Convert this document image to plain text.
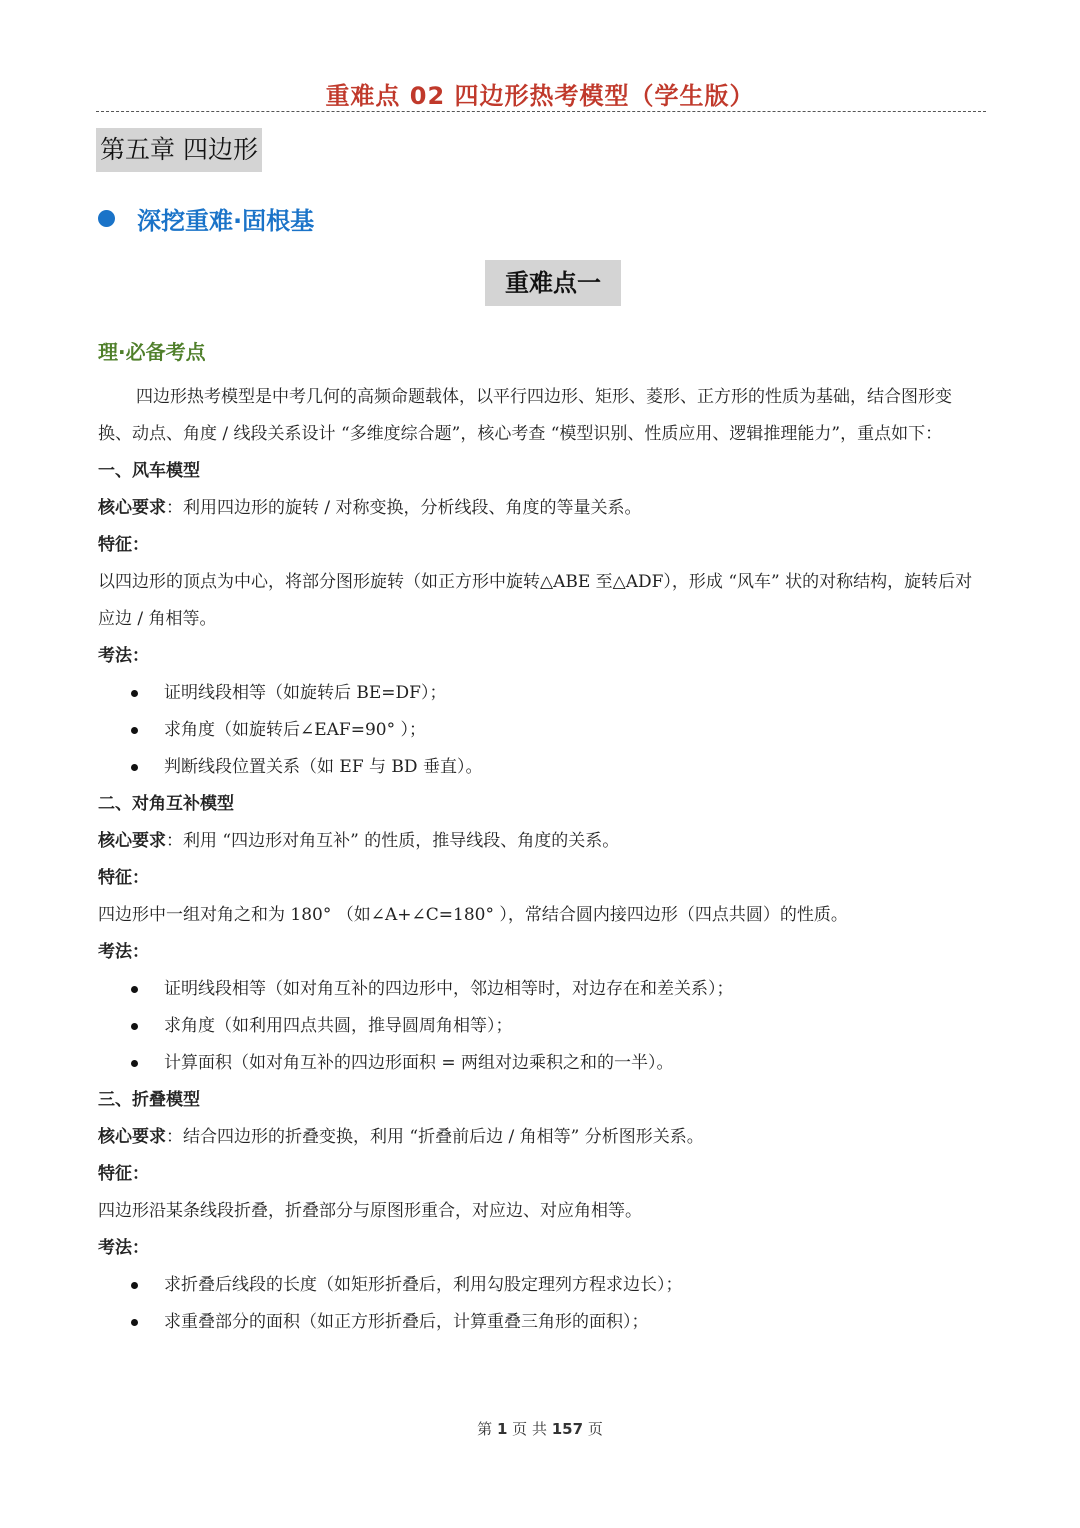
重难点 02 四边形热考模型（学生版）
第五章 四边形
深挖重难·固根基
重难点一
理·必备考点

四边形热考模型是中考几何的高频命题载体，以平行四边形、矩形、菱形、正方形的性质为基础，结合图形变换、动点、角度 / 线段关系设计 “多维度综合题”，核心考查 “模型识别、性质应用、逻辑推理能力”，重点如下：

一、风车模型

核心要求：利用四边形的旋转 / 对称变换，分析线段、角度的等量关系。

特征：

以四边形的顶点为中心，将部分图形旋转（如正方形中旋转△ABE 至△ADF），形成 “风车” 状的对称结构，旋转后对应边 / 角相等。

考法：

证明线段相等（如旋转后 BE=DF）；
求角度（如旋转后∠EAF=90° ）；
判断线段位置关系（如 EF 与 BD 垂直）。

二、对角互补模型

核心要求：利用 “四边形对角互补” 的性质，推导线段、角度的关系。

特征：

四边形中一组对角之和为 180° （如∠A+∠C=180° ），常结合圆内接四边形（四点共圆）的性质。

考法：

证明线段相等（如对角互补的四边形中，邻边相等时，对边存在和差关系）；
求角度（如利用四点共圆，推导圆周角相等）；
计算面积（如对角互补的四边形面积 = 两组对边乘积之和的一半）。

三、折叠模型

核心要求：结合四边形的折叠变换，利用 “折叠前后边 / 角相等” 分析图形关系。

特征：

四边形沿某条线段折叠，折叠部分与原图形重合，对应边、对应角相等。

考法：

求折叠后线段的长度（如矩形折叠后，利用勾股定理列方程求边长）；
求重叠部分的面积（如正方形折叠后，计算重叠三角形的面积）；
第 1 页 共 157 页
